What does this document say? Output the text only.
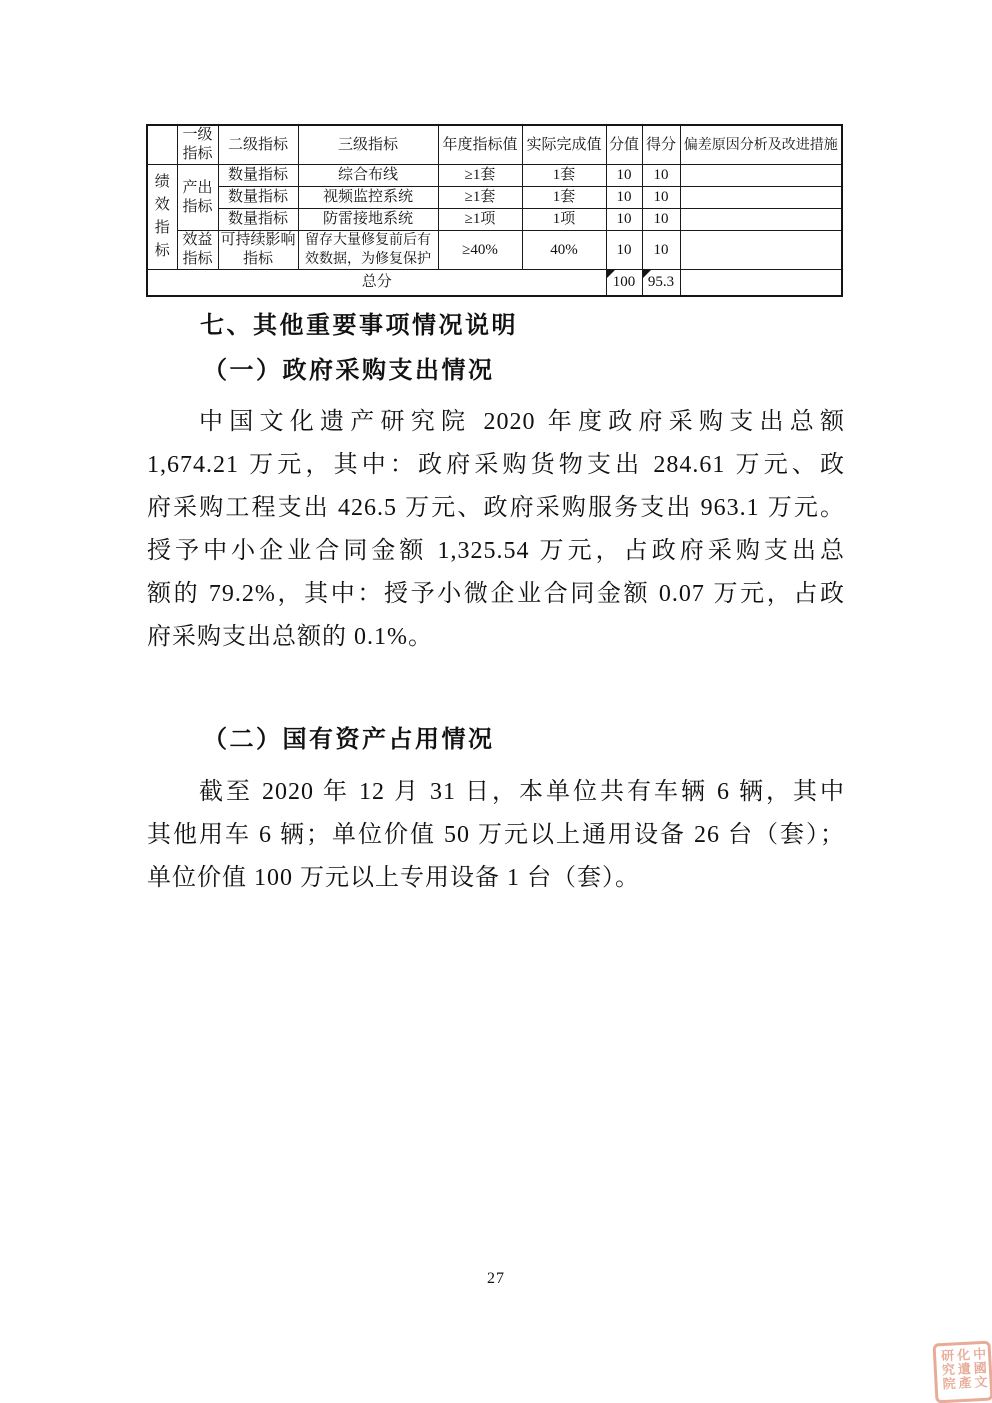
	一级指标	二级指标	三级指标	年度指标值	实际完成值	分值	得分	偏差原因分析及改进措施

绩效指标	产出指标	数量指标	综合布线	≥1套	1套	10	10	
		数量指标	视频监控系统	≥1套	1套	10	10	
		数量指标	防雷接地系统	≥1项	1项	10	10	
	效益指标	可持续影响指标	留存大量修复前后有效数据，为修复保护	≥40%	40%	10	10	
总分						100	95.3	
七、其他重要事项情况说明
（一）政府采购支出情况
中国文化遗产研究院 2020 年度政府采购支出总额
1,674.21 万元，其中：政府采购货物支出 284.61 万元、政
府采购工程支出 426.5 万元、政府采购服务支出 963.1 万元。
授予中小企业合同金额 1,325.54 万元，占政府采购支出总
额的 79.2%，其中：授予小微企业合同金额 0.07 万元，占政
府采购支出总额的 0.1%。
（二）国有资产占用情况
截至 2020 年 12 月 31 日，本单位共有车辆 6 辆，其中
其他用车 6 辆；单位价值 50 万元以上通用设备 26 台（套）；
单位价值 100 万元以上专用设备 1 台（套）。
27
中國文化遺產研究院
